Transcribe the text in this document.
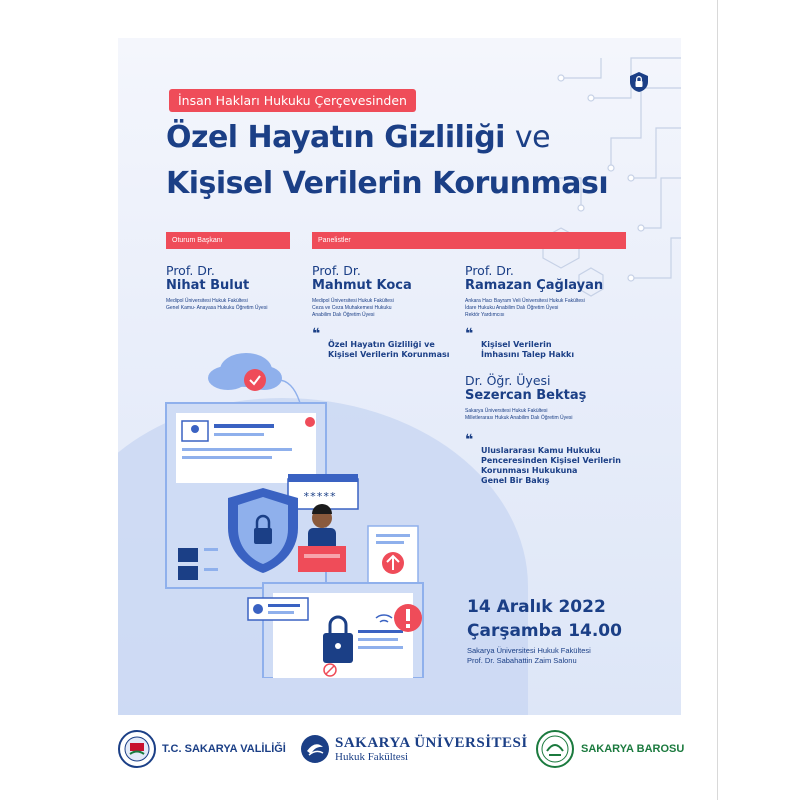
İnsan Hakları Hukuku Çerçevesinden
Özel Hayatın Gizliliği ve
Kişisel Verilerin Korunması
Oturum Başkanı	Panelistler
Prof. Dr.
Nihat Bulut
Medipol Üniversitesi Hukuk Fakültesi
Genel Kamu- Anayasa Hukuku Öğretim Üyesi
Prof. Dr.
Mahmut Koca
Medipol Üniversitesi Hukuk Fakültesi
Ceza ve Ceza Muhakemesi Hukuku
Anabilim Dalı Öğretim Üyesi

❝
Özel Hayatın Gizliliği ve
Kişisel Verilerin Korunması

Prof. Dr.
Ramazan Çağlayan
Ankara Hacı Bayram Veli Üniversitesi Hukuk Fakültesi
İdare Hukuku Anabilim Dalı Öğretim Üyesi
Rektör Yardımcısı

❝
Kişisel Verilerin
İmhasını Talep Hakkı

Dr. Öğr. Üyesi
Sezercan Bektaş
Sakarya Üniversitesi Hukuk Fakültesi
Milletlerarası Hukuk Anabilim Dalı Öğretim Üyesi

❝
Uluslararası Kamu Hukuku
Penceresinden Kişisel Verilerin
Korunması Hukukuna
Genel Bir Bakış

*****
14 Aralık 2022
Çarşamba 14.00
Sakarya Üniversitesi Hukuk Fakültesi
Prof. Dr. Sabahattin Zaim Salonu
T.C. SAKARYA VALİLİĞİ	SAKARYA ÜNİVERSİTESİ
Hukuk Fakültesi
SAKARYA BAROSU
